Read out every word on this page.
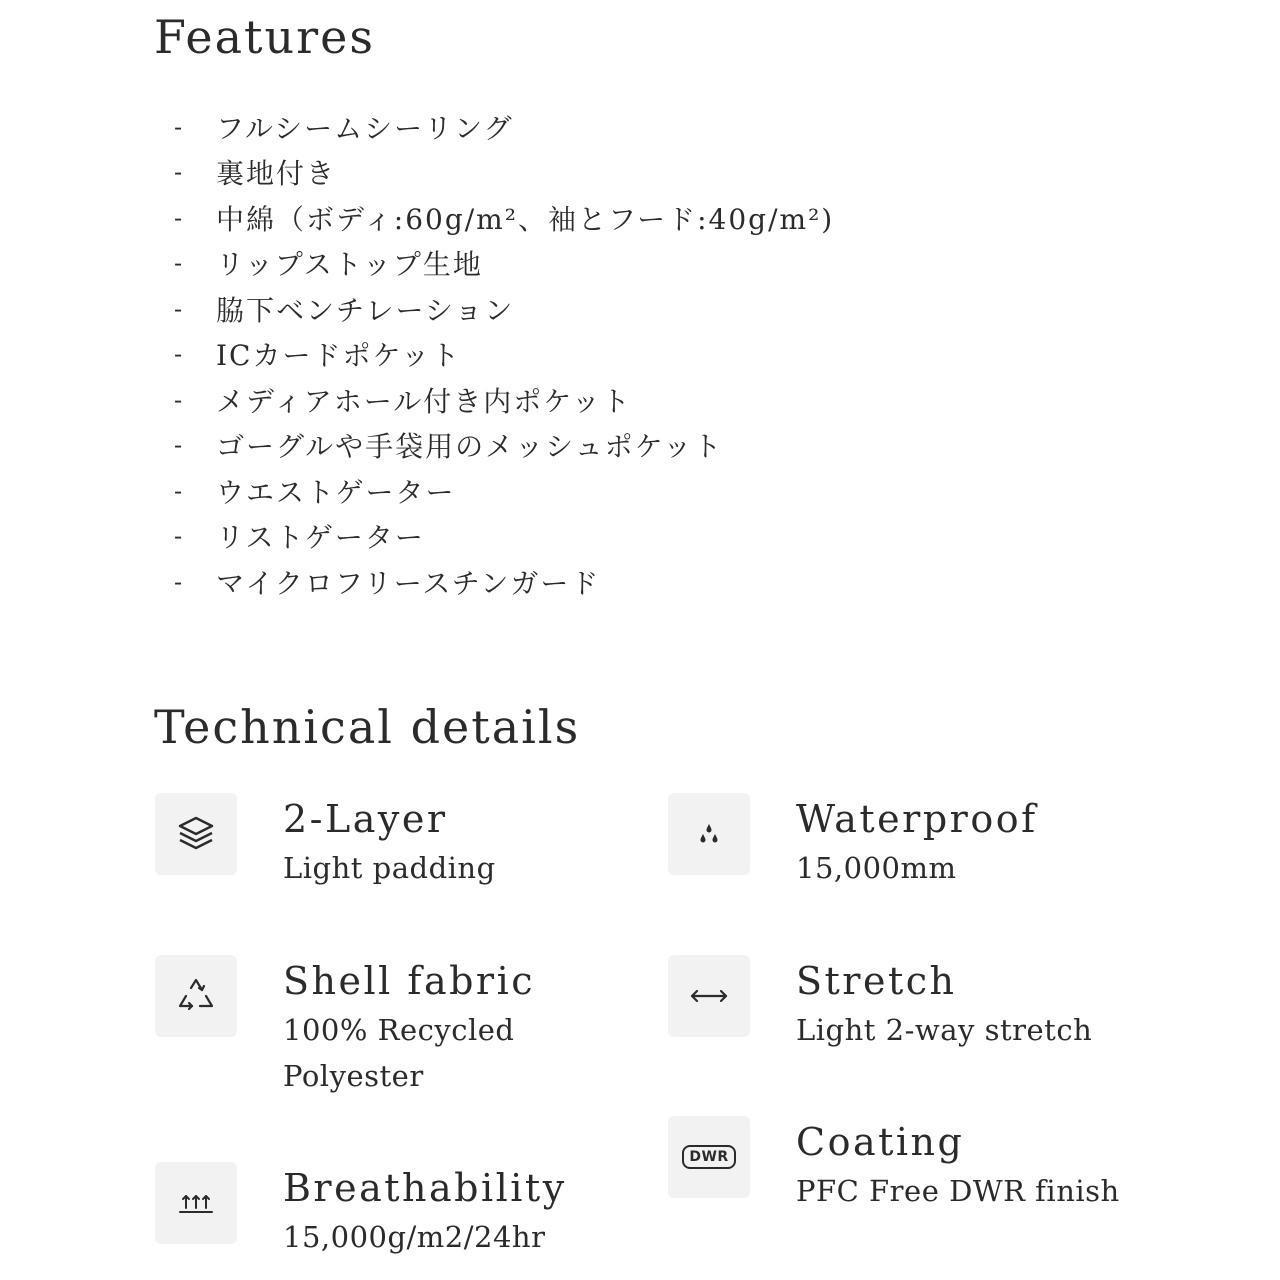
Features
-	フルシームシーリング
-	裏地付き
-	中綿（ボディ:60g/m²、袖とフード:40g/m²)
-	リップストップ生地
-	脇下ベンチレーション
-	ICカードポケット
-	メディアホール付き内ポケット
-	ゴーグルや手袋用のメッシュポケット
-	ウエストゲーター
-	リストゲーター
-	マイクロフリースチンガード
Technical details
2-Layer
Light padding
Waterproof
15,000mm
Shell fabric
100% Recycled
Polyester
Stretch
Light 2-way stretch
DWR Coating
PFC Free DWR finish
Breathability
15,000g/m2/24hr
